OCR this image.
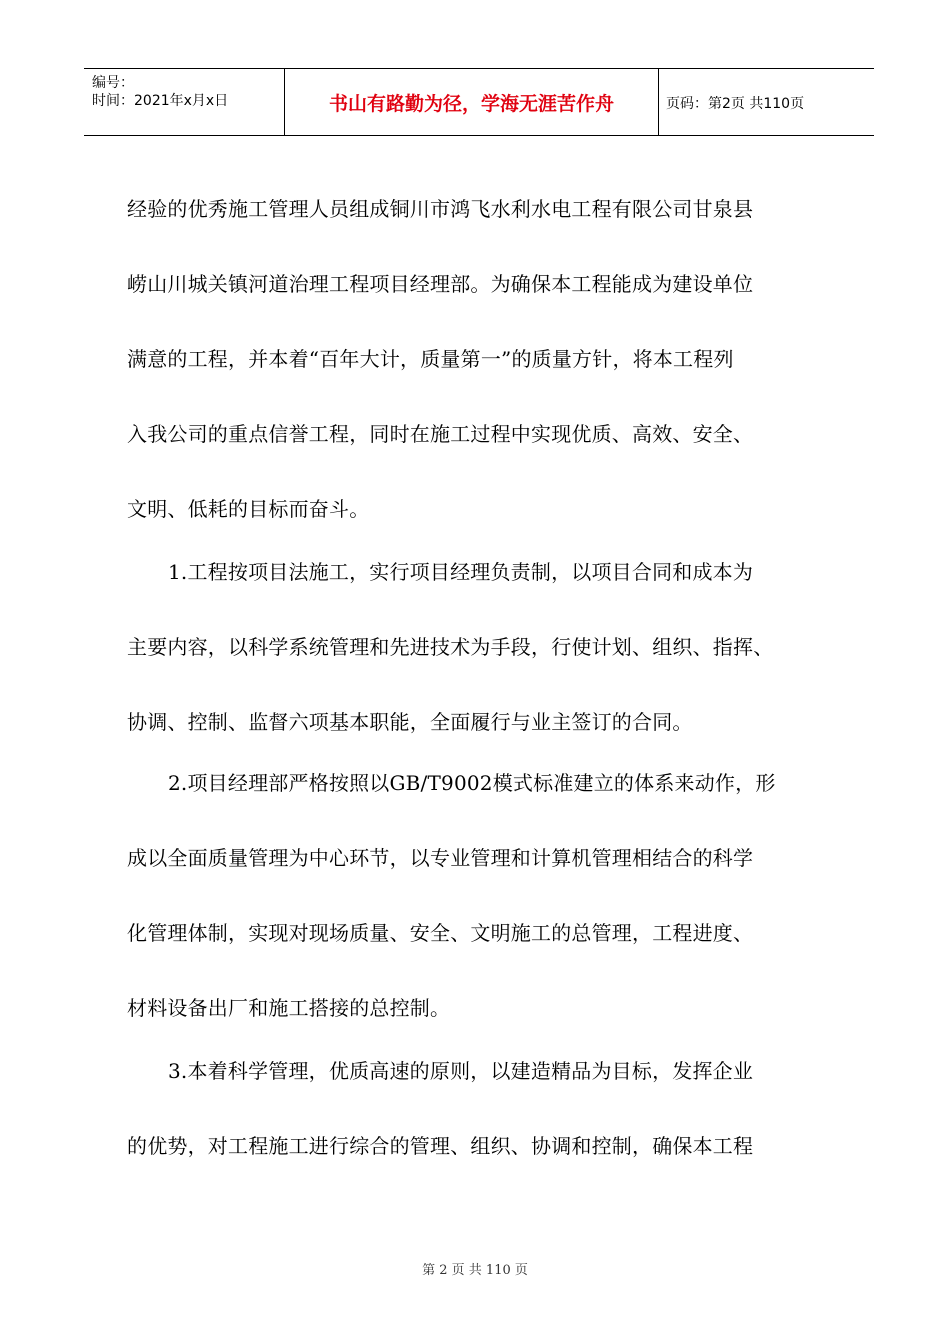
编号：
时间：2021年x月x日	书山有路勤为径，学海无涯苦作舟	页码：第2页 共110页
经验的优秀施工管理人员组成铜川市鸿飞水利水电工程有限公司甘泉县
崂山川城关镇河道治理工程项目经理部。为确保本工程能成为建设单位
满意的工程，并本着“百年大计，质量第一”的质量方针，将本工程列
入我公司的重点信誉工程，同时在施工过程中实现优质、高效、安全、
文明、低耗的目标而奋斗。
1.工程按项目法施工，实行项目经理负责制，以项目合同和成本为
主要内容，以科学系统管理和先进技术为手段，行使计划、组织、指挥、
协调、控制、监督六项基本职能，全面履行与业主签订的合同。
2.项目经理部严格按照以GB/T9002模式标准建立的体系来动作，形
成以全面质量管理为中心环节，以专业管理和计算机管理相结合的科学
化管理体制，实现对现场质量、安全、文明施工的总管理，工程进度、
材料设备出厂和施工搭接的总控制。
3.本着科学管理，优质高速的原则，以建造精品为目标，发挥企业
的优势，对工程施工进行综合的管理、组织、协调和控制，确保本工程
第 2 页 共 110 页
